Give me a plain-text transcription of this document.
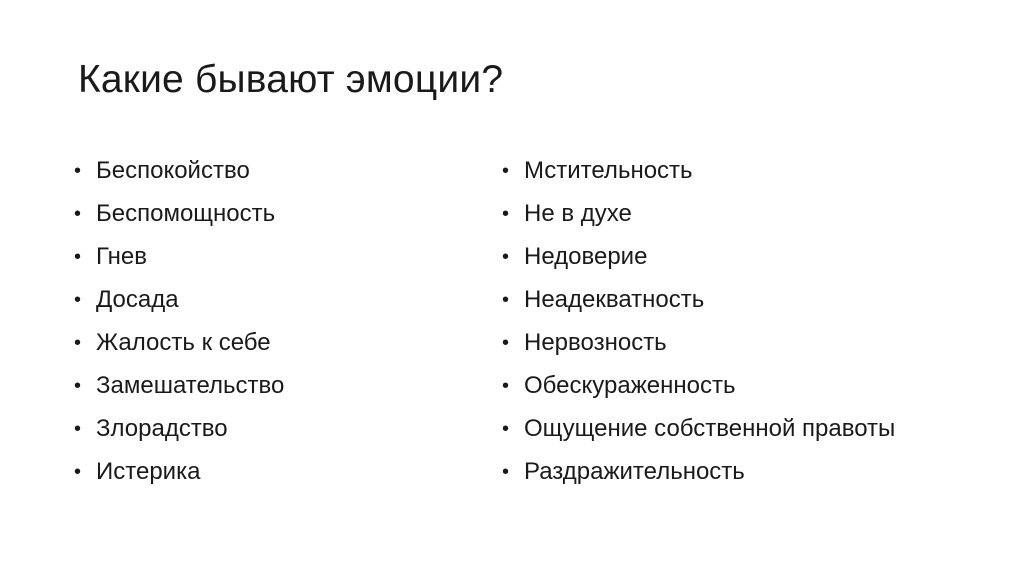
Какие бывают эмоции?
• Беспокойство
• Беспомощность
• Гнев
• Досада
• Жалость к себе
• Замешательство
• Злорадство
• Истерика
• Мстительность
• Не в духе
• Недоверие
• Неадекватность
• Нервозность
• Обескураженность
• Ощущение собственной правоты
• Раздражительность
